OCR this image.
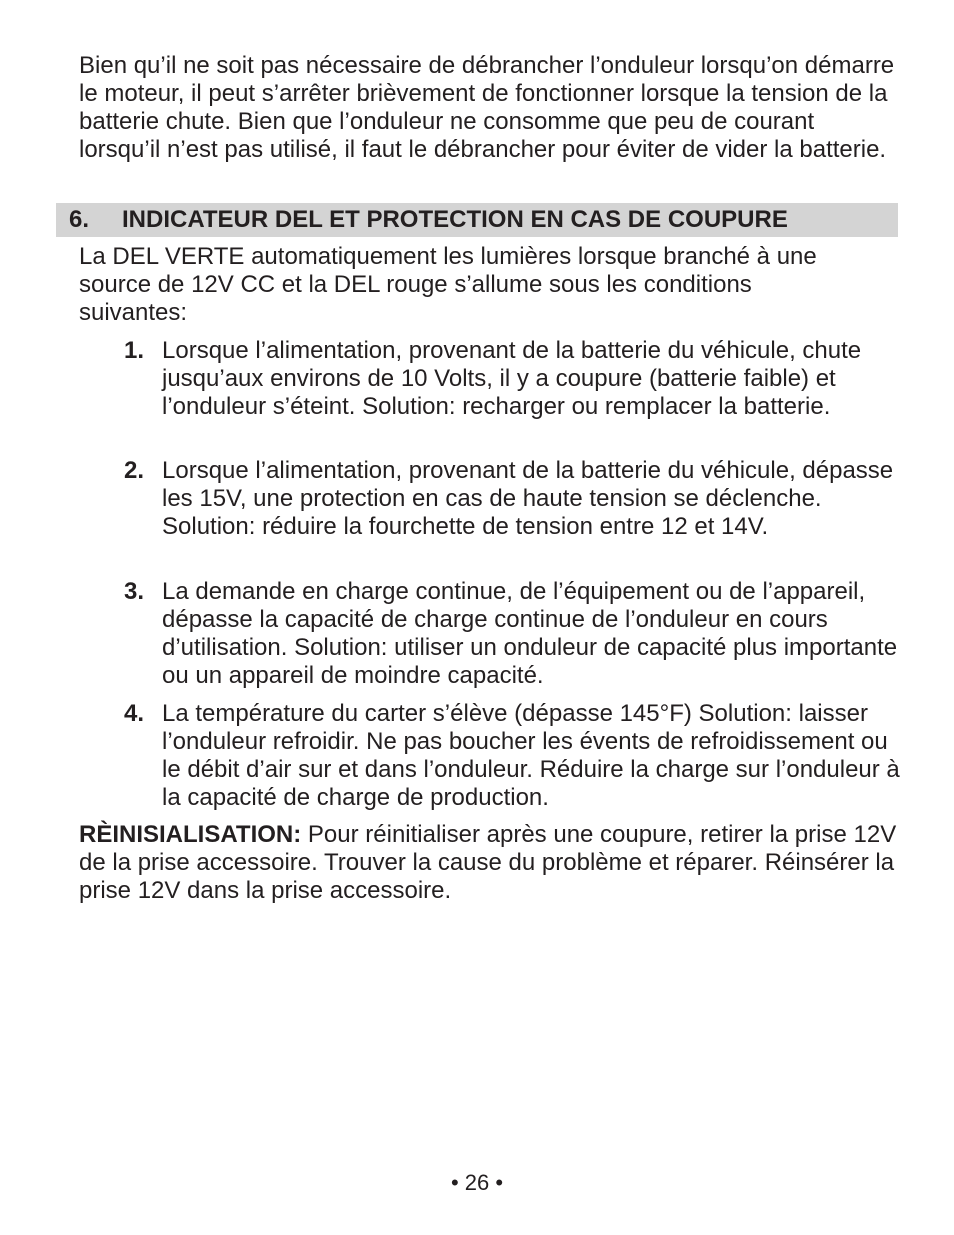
Bien qu’il ne soit pas nécessaire de débrancher l’onduleur lorsqu’on démarre le moteur, il peut s’arrêter brièvement de fonctionner lorsque la tension de la batterie chute. Bien que l’onduleur ne consomme que peu de courant lorsqu’il n’est pas utilisé, il faut le débrancher pour éviter de vider la batterie.

6. INDICATEUR DEL ET PROTECTION EN CAS DE COUPURE

La DEL VERTE automatiquement les lumières lorsque branché à une source de 12V CC et la DEL rouge s’allume sous les conditions suivantes:

1. Lorsque l’alimentation, provenant de la batterie du véhicule, chute jusqu’aux environs de 10 Volts, il y a coupure (batterie faible) et l’onduleur s’éteint. Solution: recharger ou remplacer la batterie.
2. Lorsque l’alimentation, provenant de la batterie du véhicule, dépasse les 15V, une protection en cas de haute tension se déclenche. Solution: réduire la fourchette de tension entre 12 et 14V.
3. La demande en charge continue, de l’équipement ou de l’appareil, dépasse la capacité de charge continue de l’onduleur en cours d’utilisation. Solution: utiliser un onduleur de capacité plus importante ou un appareil de moindre capacité.
4. La température du carter s’élève (dépasse 145°F) Solution: laisser l’onduleur refroidir. Ne pas boucher les évents de refroidissement ou le débit d’air sur et dans l’onduleur. Réduire la charge sur l’onduleur à la capacité de charge de production.

RÈINISIALISATION: Pour réinitialiser après une coupure, retirer la prise 12V de la prise accessoire. Trouver la cause du problème et réparer. Réinsérer la prise 12V dans la prise accessoire.

• 26 •
